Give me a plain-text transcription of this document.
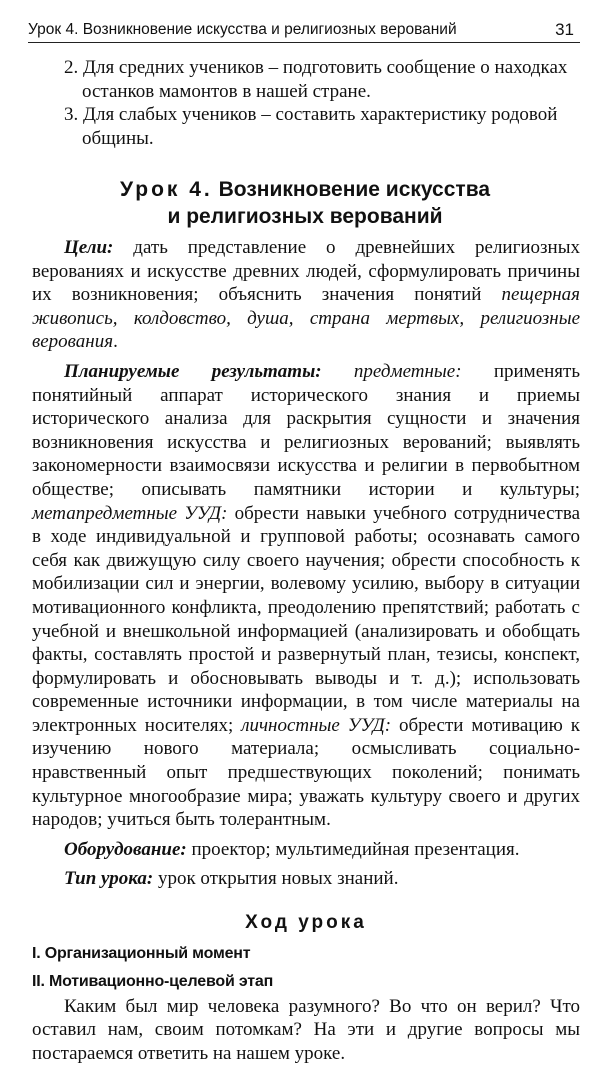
Урок 4. Возникновение искусства и религиозных верований	31
2. Для средних учеников – подготовить сообщение о находках останков мамонтов в нашей стране.
3. Для слабых учеников – составить характеристику родовой общины.
Урок 4. Возникновение искусства
и религиозных верований

Цели: дать представление о древнейших религиозных верованиях и искусстве древних людей, сформулировать причины их возникновения; объяснить значения понятий пещерная живопись, колдовство, душа, страна мертвых, религиозные верования.

Планируемые результаты: предметные: применять понятийный аппарат исторического знания и приемы исторического анализа для раскрытия сущности и значения возникновения искусства и религиозных верований; выявлять закономерности взаимосвязи искусства и религии в первобытном обществе; описывать памятники истории и культуры; метапредметные УУД: обрести навыки учебного сотрудничества в ходе индивидуальной и групповой работы; осознавать самого себя как движущую силу своего научения; обрести способность к мобилизации сил и энергии, волевому усилию, выбору в ситуации мотивационного конфликта, преодолению препятствий; работать с учебной и внешкольной информацией (анализировать и обобщать факты, составлять простой и развернутый план, тезисы, конспект, формулировать и обосновывать выводы и т. д.); использовать современные источники информации, в том числе материалы на электронных носителях; личностные УУД: обрести мотивацию к изучению нового материала; осмысливать социально-нравственный опыт предшествующих поколений; понимать культурное многообразие мира; уважать культуру своего и других народов; учиться быть толерантным.

Оборудование: проектор; мультимедийная презентация.

Тип урока: урок открытия новых знаний.

Ход урока
I. Организационный момент
II. Мотивационно-целевой этап

Каким был мир человека разумного? Во что он верил? Что оставил нам, своим потомкам? На эти и другие вопросы мы постараемся ответить на нашем уроке.
